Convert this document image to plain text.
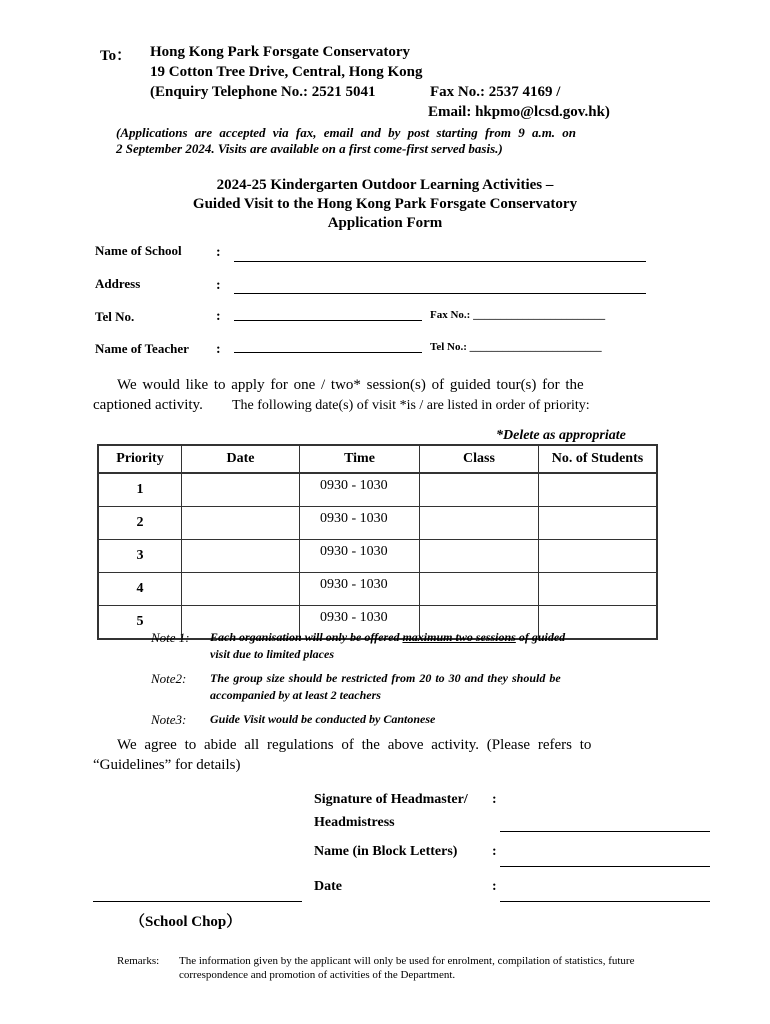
To： Hong Kong Park Forsgate Conservatory
19 Cotton Tree Drive, Central, Hong Kong
(Enquiry Telephone No.: 2521 5041	Fax No.: 2537 4169 /
Email: hkpmo@lcsd.gov.hk)
(Applications are accepted via fax, email and by post starting from 9 a.m. on
2 September 2024. Visits are available on a first come-first served basis.)
2024-25 Kindergarten Outdoor Learning Activities –
Guided Visit to the Hong Kong Park Forsgate Conservatory
Application Form
Name of School :
Address	:
Tel No.	:	Fax No.: ________________________
Name of Teacher :	Tel No.: ________________________
We would like to apply for one / two* session(s) of guided tour(s) for the
captioned activity. The following date(s) of visit *is / are listed in order of priority:
*Delete as appropriate
Priority	Date	Time	Class	No. of Students
1		0930 - 1030		
2		0930 - 1030		
3		0930 - 1030		
4		0930 - 1030		
5		0930 - 1030		
Note 1: Each organisation will only be offered maximum two sessions of guided
visit due to limited places
Note2: The group size should be restricted from 20 to 30 and they should be
accompanied by at least 2 teachers
Note3: Guide Visit would be conducted by Cantonese
We agree to abide all regulations of the above activity. (Please refers to
“Guidelines” for details)
Signature of Headmaster/ :
Headmistress
Name (in Block Letters) :
Date	:
（School Chop）
Remarks: The information given by the applicant will only be used for enrolment, compilation of statistics, future
correspondence and promotion of activities of the Department.
